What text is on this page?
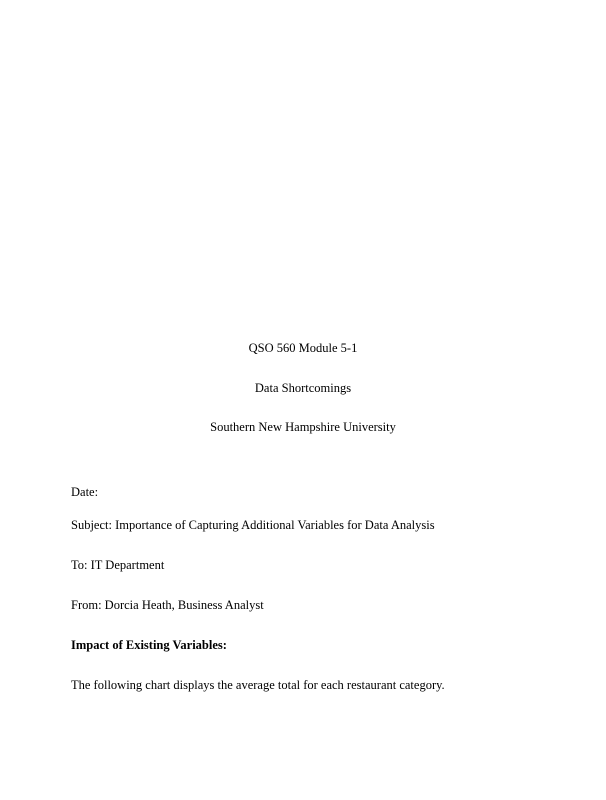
QSO 560 Module 5-1
Data Shortcomings
Southern New Hampshire University
Date:
Subject: Importance of Capturing Additional Variables for Data Analysis
To: IT Department
From: Dorcia Heath, Business Analyst
Impact of Existing Variables:
The following chart displays the average total for each restaurant category.
